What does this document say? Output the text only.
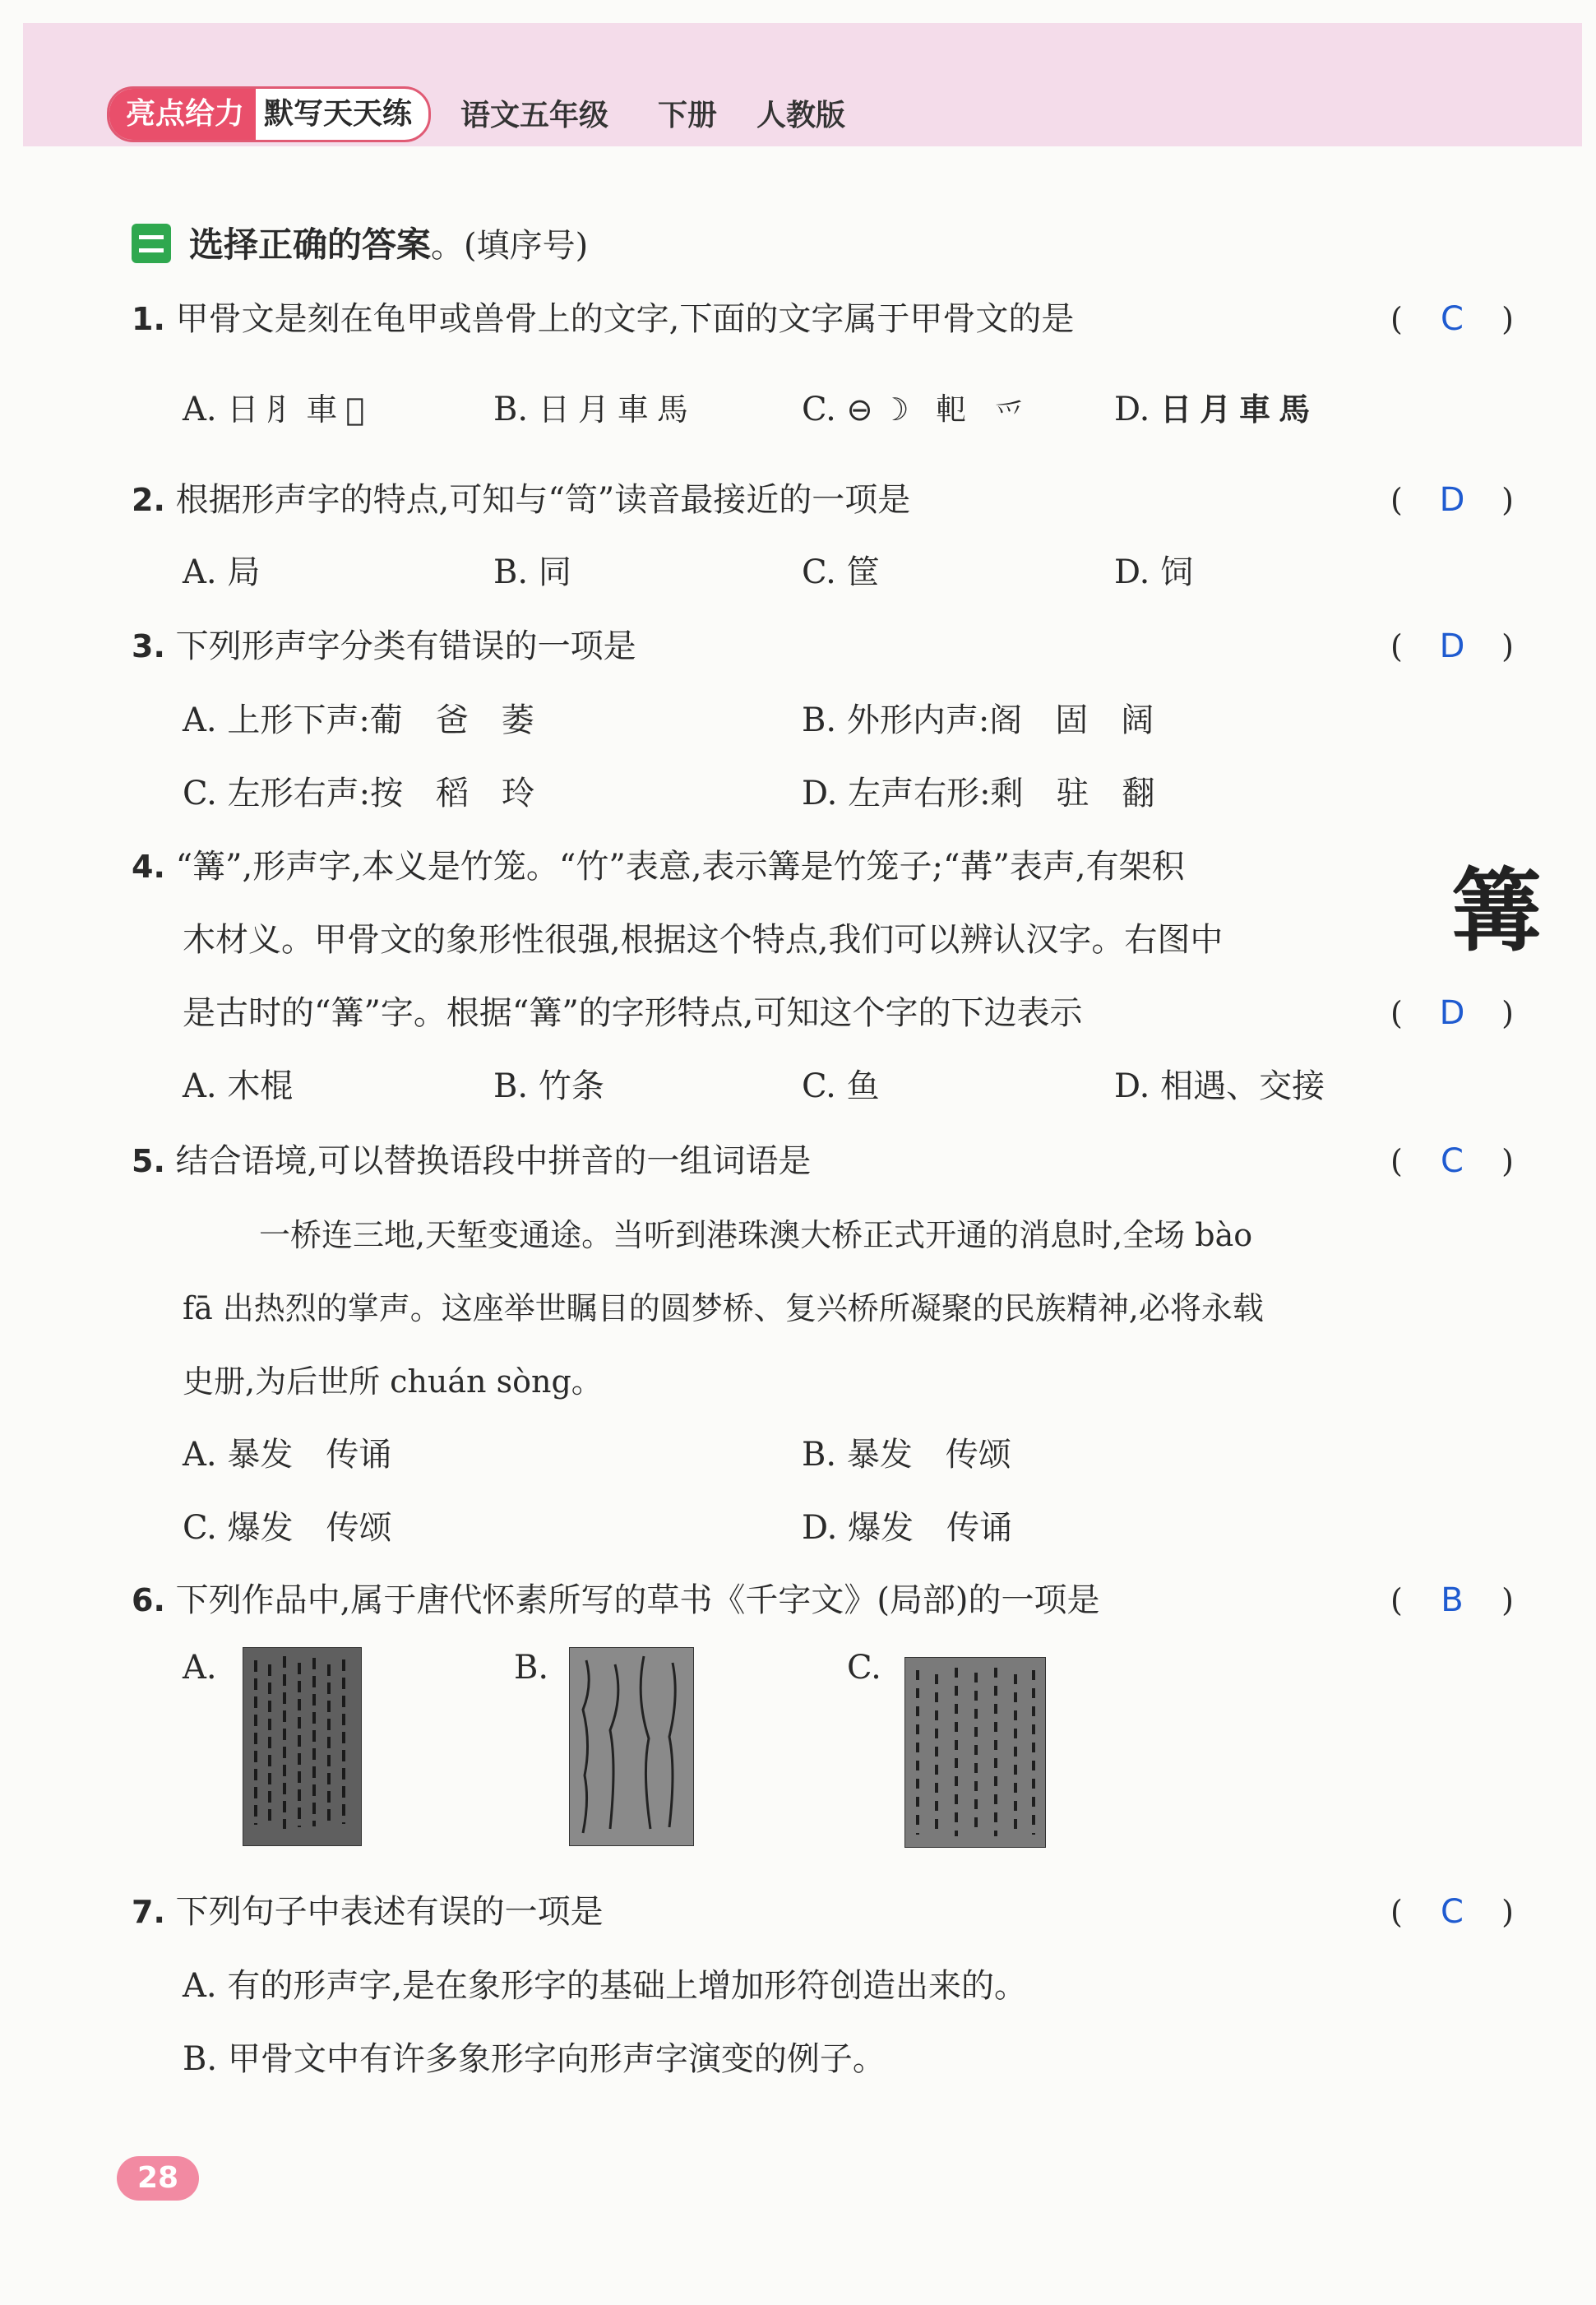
亮点给力 默写天天练	语文五年级 下册 人教版
选择正确的答案。(填序号)
1. 甲骨文是刻在龟甲或兽骨上的文字,下面的文字属于甲骨文的是	( C )
A. 日⺼車𢒅	B. 日月車馬	C. ⊖☽ 𨊠 ⺤ D. 日月車馬
2. 根据形声字的特点,可知与“笥”读音最接近的一项是	( D )
A. 局	B. 同	C. 筐	D. 饲
3. 下列形声字分类有错误的一项是	( D )
A. 上形下声:葡　爸　萎	B. 外形内声:阁　固　阔
C. 左形右声:按　稻　玲	D. 左声右形:剩　驻　翻
4. “篝”,形声字,本义是竹笼。“竹”表意,表示篝是竹笼子;“冓”表声,有架积
木材义。甲骨文的象形性很强,根据这个特点,我们可以辨认汉字。右图中
是古时的“篝”字。根据“篝”的字形特点,可知这个字的下边表示
篝
( D )
A. 木棍	B. 竹条	C. 鱼	D. 相遇、交接
5. 结合语境,可以替换语段中拼音的一组词语是	( C )
一桥连三地,天堑变通途。当听到港珠澳大桥正式开通的消息时,全场 bào
fā 出热烈的掌声。这座举世瞩目的圆梦桥、复兴桥所凝聚的民族精神,必将永载
史册,为后世所 chuán sòng。
A. 暴发　传诵	B. 暴发　传颂
C. 爆发　传颂	D. 爆发　传诵
6. 下列作品中,属于唐代怀素所写的草书《千字文》(局部)的一项是	( B )
A.	B.	C.
7. 下列句子中表述有误的一项是	( C )
A. 有的形声字,是在象形字的基础上增加形符创造出来的。
B. 甲骨文中有许多象形字向形声字演变的例子。
28
